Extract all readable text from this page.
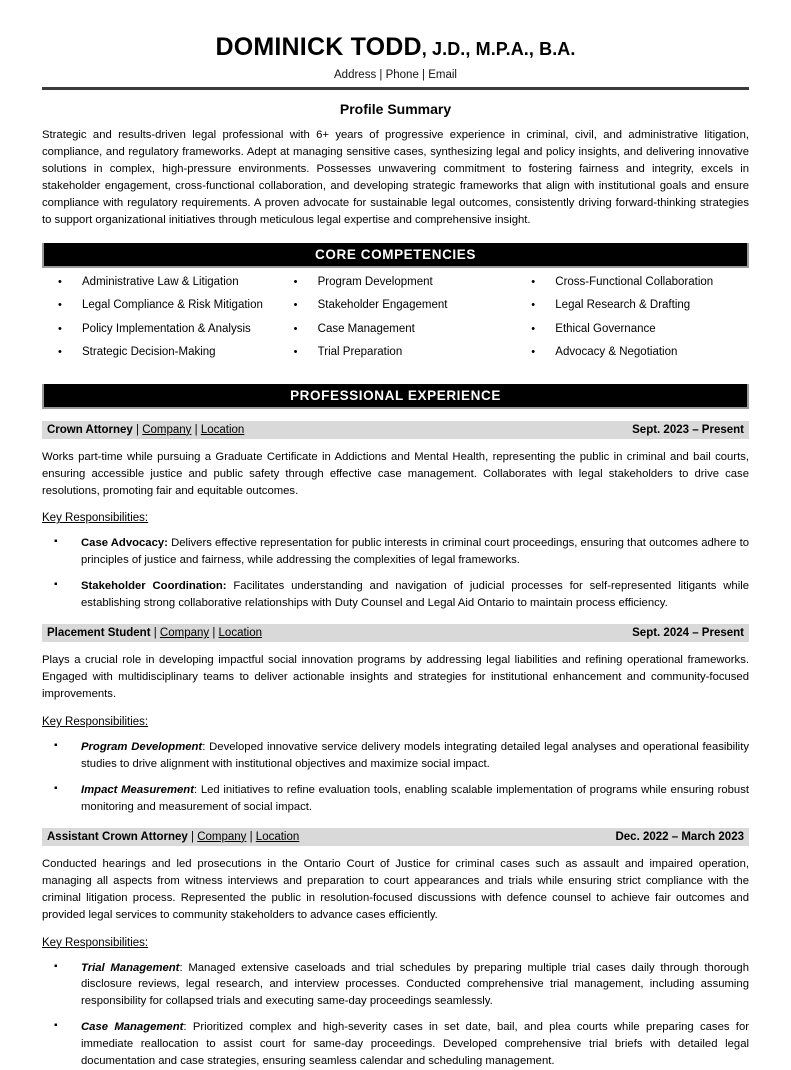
DOMINICK TODD, J.D., M.P.A., B.A.
Address | Phone | Email
Profile Summary
Strategic and results-driven legal professional with 6+ years of progressive experience in criminal, civil, and administrative litigation, compliance, and regulatory frameworks. Adept at managing sensitive cases, synthesizing legal and policy insights, and delivering innovative solutions in complex, high-pressure environments. Possesses unwavering commitment to fostering fairness and integrity, excels in stakeholder engagement, cross-functional collaboration, and developing strategic frameworks that align with institutional goals and ensure compliance with regulatory requirements. A proven advocate for sustainable legal outcomes, consistently driving forward-thinking strategies to support organizational initiatives through meticulous legal expertise and comprehensive insight.
CORE COMPETENCIES
• Administrative Law & Litigation
• Legal Compliance & Risk Mitigation
• Policy Implementation & Analysis
• Strategic Decision-Making
• Program Development
• Stakeholder Engagement
• Case Management
• Trial Preparation
• Cross-Functional Collaboration
• Legal Research & Drafting
• Ethical Governance
• Advocacy & Negotiation
PROFESSIONAL EXPERIENCE
Crown Attorney | Company | Location	Sept. 2023 – Present
Works part-time while pursuing a Graduate Certificate in Addictions and Mental Health, representing the public in criminal and bail courts, ensuring accessible justice and public safety through effective case management. Collaborates with legal stakeholders to drive case resolutions, promoting fair and equitable outcomes.
Key Responsibilities:
▪ Case Advocacy: Delivers effective representation for public interests in criminal court proceedings, ensuring that outcomes adhere to principles of justice and fairness, while addressing the complexities of legal frameworks.
▪ Stakeholder Coordination: Facilitates understanding and navigation of judicial processes for self-represented litigants while establishing strong collaborative relationships with Duty Counsel and Legal Aid Ontario to maintain process efficiency.
Placement Student | Company | Location	Sept. 2024 – Present
Plays a crucial role in developing impactful social innovation programs by addressing legal liabilities and refining operational frameworks. Engaged with multidisciplinary teams to deliver actionable insights and strategies for institutional enhancement and community-focused improvements.
Key Responsibilities:
▪ Program Development: Developed innovative service delivery models integrating detailed legal analyses and operational feasibility studies to drive alignment with institutional objectives and maximize social impact.
▪ Impact Measurement: Led initiatives to refine evaluation tools, enabling scalable implementation of programs while ensuring robust monitoring and measurement of social impact.
Assistant Crown Attorney | Company | Location	Dec. 2022 – March 2023
Conducted hearings and led prosecutions in the Ontario Court of Justice for criminal cases such as assault and impaired operation, managing all aspects from witness interviews and preparation to court appearances and trials while ensuring strict compliance with the criminal litigation process. Represented the public in resolution-focused discussions with defence counsel to achieve fair outcomes and provided legal services to community stakeholders to advance cases efficiently.
Key Responsibilities:
▪ Trial Management: Managed extensive caseloads and trial schedules by preparing multiple trial cases daily through thorough disclosure reviews, legal research, and interview processes. Conducted comprehensive trial management, including assuming responsibility for collapsed trials and executing same-day proceedings seamlessly.
▪ Case Management: Prioritized complex and high-severity cases in set date, bail, and plea courts while preparing cases for immediate reallocation to assist court for same-day proceedings. Developed comprehensive trial briefs with detailed legal documentation and case strategies, ensuring seamless calendar and scheduling management.
